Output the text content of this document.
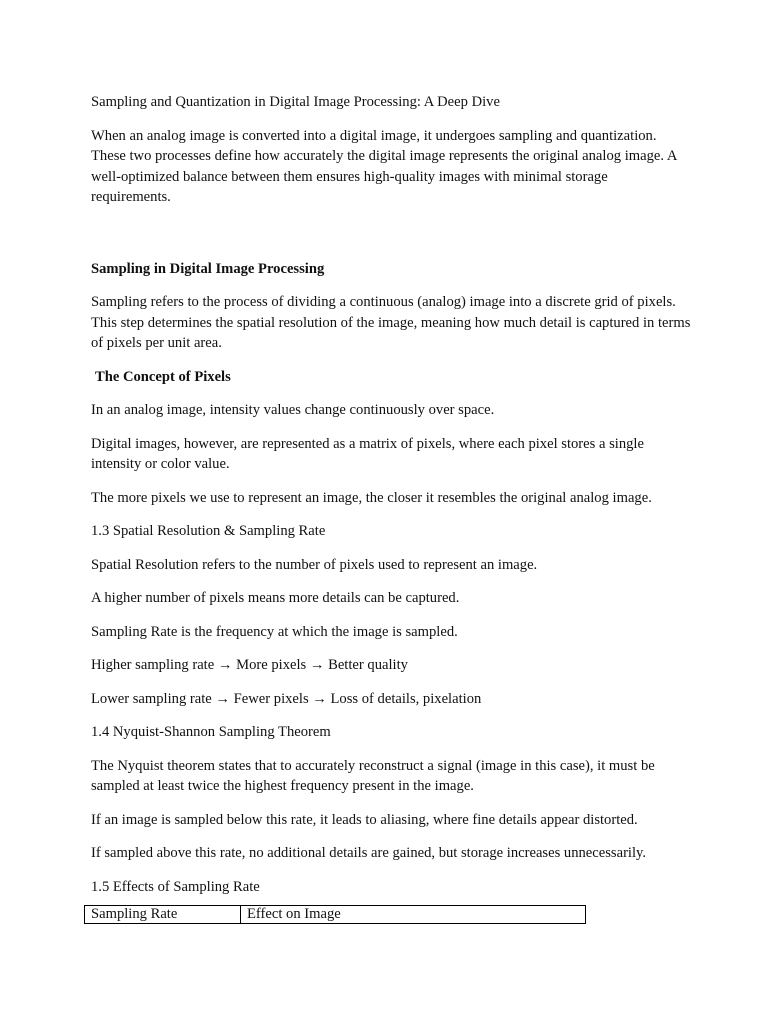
Sampling and Quantization in Digital Image Processing: A Deep Dive

When an analog image is converted into a digital image, it undergoes sampling and quantization. These two processes define how accurately the digital image represents the original analog image. A well-optimized balance between them ensures high-quality images with minimal storage requirements.

Sampling in Digital Image Processing

Sampling refers to the process of dividing a continuous (analog) image into a discrete grid of pixels. This step determines the spatial resolution of the image, meaning how much detail is captured in terms of pixels per unit area.

The Concept of Pixels

In an analog image, intensity values change continuously over space.

Digital images, however, are represented as a matrix of pixels, where each pixel stores a single intensity or color value.

The more pixels we use to represent an image, the closer it resembles the original analog image.

1.3 Spatial Resolution & Sampling Rate

Spatial Resolution refers to the number of pixels used to represent an image.

A higher number of pixels means more details can be captured.

Sampling Rate is the frequency at which the image is sampled.

Higher sampling rate → More pixels → Better quality

Lower sampling rate → Fewer pixels → Loss of details, pixelation

1.4 Nyquist-Shannon Sampling Theorem

The Nyquist theorem states that to accurately reconstruct a signal (image in this case), it must be sampled at least twice the highest frequency present in the image.

If an image is sampled below this rate, it leads to aliasing, where fine details appear distorted.

If sampled above this rate, no additional details are gained, but storage increases unnecessarily.

1.5 Effects of Sampling Rate

Sampling Rate	Effect on Image
